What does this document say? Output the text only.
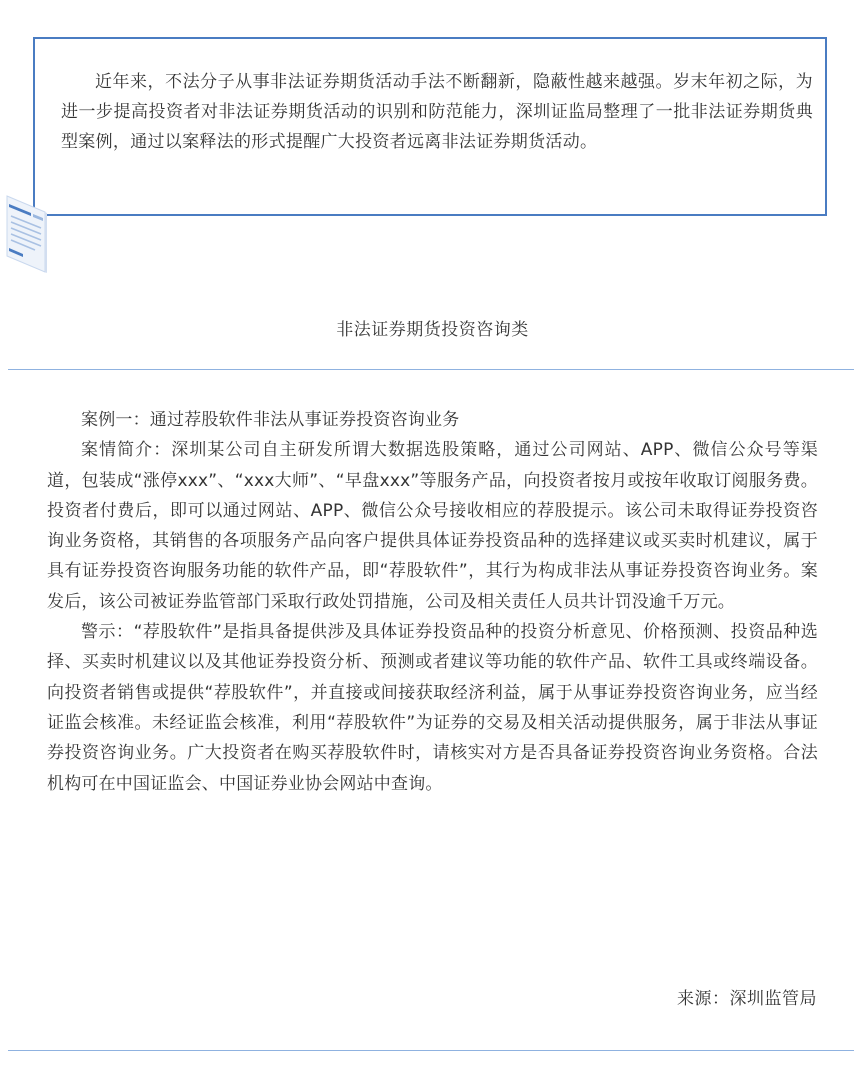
近年来，不法分子从事非法证券期货活动手法不断翻新，隐蔽性越来越强。岁末年初之际，为进一步提高投资者对非法证券期货活动的识别和防范能力，深圳证监局整理了一批非法证券期货典型案例，通过以案释法的形式提醒广大投资者远离非法证券期货活动。

非法证券期货投资咨询类

案例一：通过荐股软件非法从事证券投资咨询业务

案情简介：深圳某公司自主研发所谓大数据选股策略，通过公司网站、APP、微信公众号等渠道，包装成“涨停xxx”、“xxx大师”、“早盘xxx”等服务产品，向投资者按月或按年收取订阅服务费。投资者付费后，即可以通过网站、APP、微信公众号接收相应的荐股提示。该公司未取得证券投资咨询业务资格，其销售的各项服务产品向客户提供具体证券投资品种的选择建议或买卖时机建议，属于具有证券投资咨询服务功能的软件产品，即“荐股软件”，其行为构成非法从事证券投资咨询业务。案发后，该公司被证券监管部门采取行政处罚措施，公司及相关责任人员共计罚没逾千万元。

警示：“荐股软件”是指具备提供涉及具体证券投资品种的投资分析意见、价格预测、投资品种选择、买卖时机建议以及其他证券投资分析、预测或者建议等功能的软件产品、软件工具或终端设备。向投资者销售或提供“荐股软件”，并直接或间接获取经济利益，属于从事证券投资咨询业务，应当经证监会核准。未经证监会核准，利用“荐股软件”为证券的交易及相关活动提供服务，属于非法从事证券投资咨询业务。广大投资者在购买荐股软件时，请核实对方是否具备证券投资咨询业务资格。合法机构可在中国证监会、中国证券业协会网站中查询。

来源：深圳监管局
